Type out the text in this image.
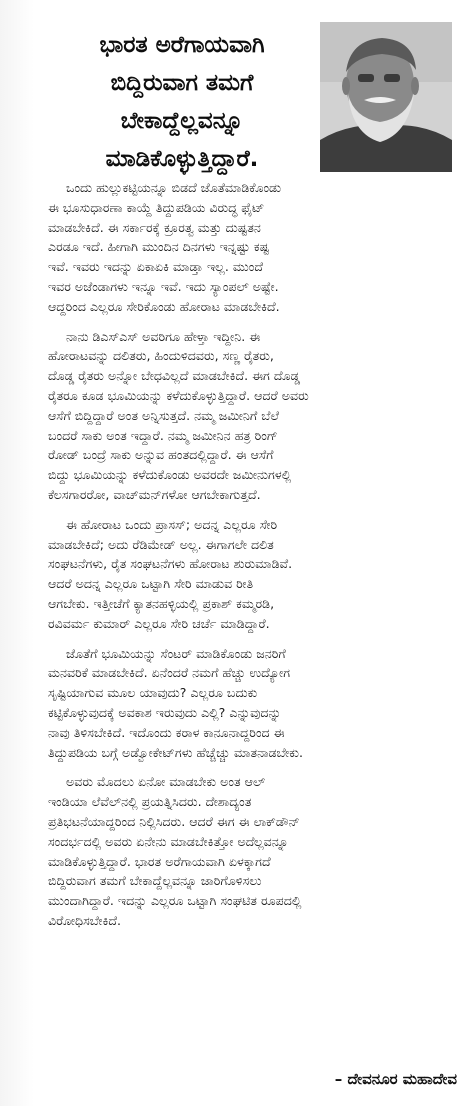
ಭಾರತ ಅರೆಗಾಯವಾಗಿ
ಬಿದ್ದಿರುವಾಗ ತಮಗೆ
ಬೇಕಾದ್ದೆಲ್ಲವನ್ನೂ
ಮಾಡಿಕೊಳ್ಳುತ್ತಿದ್ದಾರೆ.
ಒಂದು ಹುಲ್ಲುಕಟ್ಟಿಯನ್ನೂ ಬಿಡದೆ ಜೊತೆಮಾಡಿಕೊಂಡು
ಈ ಭೂಸುಧಾರಣಾ ಕಾಯ್ದೆ ತಿದ್ದುಪಡಿಯ ವಿರುದ್ಧ ಫೈಟ್
ಮಾಡಬೇಕಿದೆ. ಈ ಸರ್ಕಾರಕ್ಕೆ ಕ್ರೂರತ್ವ ಮತ್ತು ದುಷ್ಟತನ
ಎರಡೂ ಇದೆ. ಹೀಗಾಗಿ ಮುಂದಿನ ದಿನಗಳು ಇನ್ನಷ್ಟು ಕಷ್ಟ
ಇವೆ. ಇವರು ಇದನ್ನು ಏಕಾಏಕಿ ಮಾಡ್ತಾ ಇಲ್ಲ. ಮುಂದೆ
ಇವರ ಅಜೆಂಡಾಗಳು ಇನ್ನೂ ಇವೆ. ಇದು ಸ್ಯಾಂಪಲ್ ಅಷ್ಟೇ.
ಆದ್ದರಿಂದ ಎಲ್ಲರೂ ಸೇರಿಕೊಂಡು ಹೋರಾಟ ಮಾಡಬೇಕಿದೆ.
ನಾನು ಡಿಎಸ್ಎಸ್ ಅವರಿಗೂ ಹೇಳ್ತಾ ಇದ್ದೀನಿ. ಈ
ಹೋರಾಟವನ್ನು ದಲಿತರು, ಹಿಂದುಳಿದವರು, ಸಣ್ಣ ರೈತರು,
ದೊಡ್ಡ ರೈತರು ಅನ್ನೋ ಬೇಧವಿಲ್ಲದೆ ಮಾಡಬೇಕಿದೆ. ಈಗ ದೊಡ್ಡ
ರೈತರೂ ಕೂಡ ಭೂಮಿಯನ್ನು ಕಳೆದುಕೊಳ್ಳುತ್ತಿದ್ದಾರೆ. ಆದರೆ ಅವರು
ಆಸೆಗೆ ಬಿದ್ದಿದ್ದಾರೆ ಅಂತ ಅನ್ನಿಸುತ್ತದೆ. ನಮ್ಮ ಜಮೀನಿಗೆ ಬೆಲೆ
ಬಂದರೆ ಸಾಕು ಅಂತ ಇದ್ದಾರೆ. ನಮ್ಮ ಜಮೀನಿನ ಹತ್ರ ರಿಂಗ್
ರೋಡ್ ಬಂದ್ರೆ ಸಾಕು ಅನ್ನುವ ಹಂತದಲ್ಲಿದ್ದಾರೆ. ಈ ಆಸೆಗೆ
ಬಿದ್ದು ಭೂಮಿಯನ್ನು ಕಳೆದುಕೊಂಡು ಅವರದೇ ಜಮೀನುಗಳಲ್ಲಿ
ಕೆಲಸಗಾರರೋ, ವಾಚ್‌ಮನ್‌ಗಳೋ ಆಗಬೇಕಾಗುತ್ತದೆ.
ಈ ಹೋರಾಟ ಒಂದು ಪ್ರಾಸಸ್; ಅದನ್ನ ಎಲ್ಲರೂ ಸೇರಿ
ಮಾಡಬೇಕಿದೆ; ಅದು ರೆಡಿಮೇಡ್ ಅಲ್ಲ. ಈಗಾಗಲೇ ದಲಿತ
ಸಂಘಟನೆಗಳು, ರೈತ ಸಂಘಟನೆಗಳು ಹೋರಾಟ ಶುರುಮಾಡಿವೆ.
ಆದರೆ ಅದನ್ನ ಎಲ್ಲರೂ ಒಟ್ಟಾಗಿ ಸೇರಿ ಮಾಡುವ ರೀತಿ
ಆಗಬೇಕು. ಇತ್ತೀಚೆಗೆ ಕ್ಯಾತನಹಳ್ಳಿಯಲ್ಲಿ ಪ್ರಕಾಶ್ ಕಮ್ಮರಡಿ,
ರವಿವರ್ಮ ಕುಮಾರ್ ಎಲ್ಲರೂ ಸೇರಿ ಚರ್ಚೆ ಮಾಡಿದ್ದಾರೆ.
ಜೊತೆಗೆ ಭೂಮಿಯನ್ನು ಸೆಂಟರ್ ಮಾಡಿಕೊಂಡು ಜನರಿಗೆ
ಮನವರಿಕೆ ಮಾಡಬೇಕಿದೆ. ಏನೆಂದರೆ ನಮಗೆ ಹೆಚ್ಚು ಉದ್ಯೋಗ
ಸೃಷ್ಟಿಯಾಗುವ ಮೂಲ ಯಾವುದು? ಎಲ್ಲರೂ ಬದುಕು
ಕಟ್ಟಿಕೊಳ್ಳುವುದಕ್ಕೆ ಅವಕಾಶ ಇರುವುದು ಎಲ್ಲಿ? ಎನ್ನುವುದನ್ನು
ನಾವು ತಿಳಿಸಬೇಕಿದೆ. ಇದೊಂದು ಕರಾಳ ಕಾನೂನಾದ್ದರಿಂದ ಈ
ತಿದ್ದುಪಡಿಯ ಬಗ್ಗೆ ಅಡ್ವೋಕೇಟ್‌ಗಳು ಹೆಚ್ಚೆಚ್ಚು ಮಾತನಾಡಬೇಕು.
ಅವರು ಮೊದಲು ಏನೋ ಮಾಡಬೇಕು ಅಂತ ಆಲ್
ಇಂಡಿಯಾ ಲೆವೆಲ್‌ನಲ್ಲಿ ಪ್ರಯತ್ನಿಸಿದರು. ದೇಶಾದ್ಯಂತ
ಪ್ರತಿಭಟನೆಯಾದ್ದರಿಂದ ನಿಲ್ಲಿಸಿದರು. ಆದರೆ ಈಗ ಈ ಲಾಕ್‌ಡೌನ್
ಸಂದರ್ಭದಲ್ಲಿ ಅವರು ಏನೇನು ಮಾಡಬೇಕಿತ್ತೋ ಅದೆಲ್ಲವನ್ನೂ
ಮಾಡಿಕೊಳ್ಳುತ್ತಿದ್ದಾರೆ. ಭಾರತ ಅರೆಗಾಯವಾಗಿ ಏಳಕ್ಕಾಗದೆ
ಬಿದ್ದಿರುವಾಗ ತಮಗೆ ಬೇಕಾದ್ದೆಲ್ಲವನ್ನೂ ಜಾರಿಗೊಳಿಸಲು
ಮುಂದಾಗಿದ್ದಾರೆ. ಇದನ್ನು ಎಲ್ಲರೂ ಒಟ್ಟಾಗಿ ಸಂಘಟಿತ ರೂಪದಲ್ಲಿ
ವಿರೋಧಿಸಬೇಕಿದೆ.
– ದೇವನೂರ ಮಹಾದೇವ
